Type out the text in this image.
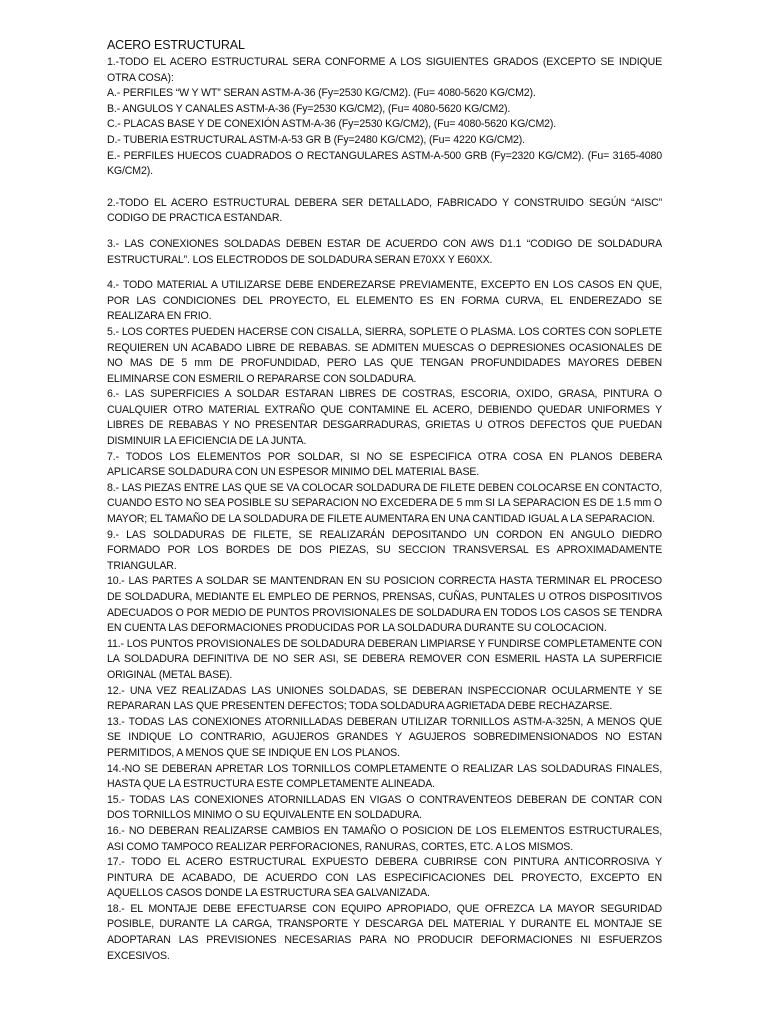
ACERO ESTRUCTURAL

1.-TODO EL ACERO ESTRUCTURAL SERA CONFORME A LOS SIGUIENTES GRADOS (EXCEPTO SE INDIQUE OTRA COSA):

A.- PERFILES “W Y WT” SERAN ASTM-A-36 (Fy=2530 KG/CM2). (Fu= 4080-5620 KG/CM2).

B.- ANGULOS Y CANALES ASTM-A-36 (Fy=2530 KG/CM2), (Fu= 4080-5620 KG/CM2).

C.- PLACAS BASE Y DE CONEXIÓN ASTM-A-36 (Fy=2530 KG/CM2), (Fu= 4080-5620 KG/CM2).

D.- TUBERIA ESTRUCTURAL ASTM-A-53 GR B (Fy=2480 KG/CM2), (Fu= 4220 KG/CM2).

E.- PERFILES HUECOS CUADRADOS O RECTANGULARES ASTM-A-500 GRB (Fy=2320 KG/CM2). (Fu= 3165-4080 KG/CM2).

2.-TODO EL ACERO ESTRUCTURAL DEBERA SER DETALLADO, FABRICADO Y CONSTRUIDO SEGÚN “AISC” CODIGO DE PRACTICA ESTANDAR.

3.- LAS CONEXIONES SOLDADAS DEBEN ESTAR DE ACUERDO CON AWS D1.1 “CODIGO DE SOLDADURA ESTRUCTURAL”. LOS ELECTRODOS DE SOLDADURA SERAN E70XX Y E60XX.

4.- TODO MATERIAL A UTILIZARSE DEBE ENDEREZARSE PREVIAMENTE, EXCEPTO EN LOS CASOS EN QUE, POR LAS CONDICIONES DEL PROYECTO, EL ELEMENTO ES EN FORMA CURVA, EL ENDEREZADO SE REALIZARA EN FRIO.

5.- LOS CORTES PUEDEN HACERSE CON CISALLA, SIERRA, SOPLETE O PLASMA. LOS CORTES CON SOPLETE REQUIEREN UN ACABADO LIBRE DE REBABAS. SE ADMITEN MUESCAS O DEPRESIONES OCASIONALES DE NO MAS DE 5 mm DE PROFUNDIDAD, PERO LAS QUE TENGAN PROFUNDIDADES MAYORES DEBEN ELIMINARSE CON ESMERIL O REPARARSE CON SOLDADURA.

6.- LAS SUPERFICIES A SOLDAR ESTARAN LIBRES DE COSTRAS, ESCORIA, OXIDO, GRASA, PINTURA O CUALQUIER OTRO MATERIAL EXTRAÑO QUE CONTAMINE EL ACERO, DEBIENDO QUEDAR UNIFORMES Y LIBRES DE REBABAS Y NO PRESENTAR DESGARRADURAS, GRIETAS U OTROS DEFECTOS QUE PUEDAN DISMINUIR LA EFICIENCIA DE LA JUNTA.

7.- TODOS LOS ELEMENTOS POR SOLDAR, SI NO SE ESPECIFICA OTRA COSA EN PLANOS DEBERA APLICARSE SOLDADURA CON UN ESPESOR MINIMO DEL MATERIAL BASE.

8.- LAS PIEZAS ENTRE LAS QUE SE VA COLOCAR SOLDADURA DE FILETE DEBEN COLOCARSE EN CONTACTO, CUANDO ESTO NO SEA POSIBLE SU SEPARACION NO EXCEDERA DE 5 mm SI LA SEPARACION ES DE 1.5 mm O MAYOR; EL TAMAÑO DE LA SOLDADURA DE FILETE AUMENTARA EN UNA CANTIDAD IGUAL A LA SEPARACION.

9.- LAS SOLDADURAS DE FILETE, SE REALIZARÁN DEPOSITANDO UN CORDON EN ANGULO DIEDRO FORMADO POR LOS BORDES DE DOS PIEZAS, SU SECCION TRANSVERSAL ES APROXIMADAMENTE TRIANGULAR.

10.- LAS PARTES A SOLDAR SE MANTENDRAN EN SU POSICION CORRECTA HASTA TERMINAR EL PROCESO DE SOLDADURA, MEDIANTE EL EMPLEO DE PERNOS, PRENSAS, CUÑAS, PUNTALES U OTROS DISPOSITIVOS ADECUADOS O POR MEDIO DE PUNTOS PROVISIONALES DE SOLDADURA EN TODOS LOS CASOS SE TENDRA EN CUENTA LAS DEFORMACIONES PRODUCIDAS POR LA SOLDADURA DURANTE SU COLOCACION.

11.- LOS PUNTOS PROVISIONALES DE SOLDADURA DEBERAN LIMPIARSE Y FUNDIRSE COMPLETAMENTE CON LA SOLDADURA DEFINITIVA DE NO SER ASI, SE DEBERA REMOVER CON ESMERIL HASTA LA SUPERFICIE ORIGINAL (METAL BASE).

12.- UNA VEZ REALIZADAS LAS UNIONES SOLDADAS, SE DEBERAN INSPECCIONAR OCULARMENTE Y SE REPARARAN LAS QUE PRESENTEN DEFECTOS; TODA SOLDADURA AGRIETADA DEBE RECHAZARSE.

13.- TODAS LAS CONEXIONES ATORNILLADAS DEBERAN UTILIZAR TORNILLOS ASTM-A-325N, A MENOS QUE SE INDIQUE LO CONTRARIO, AGUJEROS GRANDES Y AGUJEROS SOBREDIMENSIONADOS NO ESTAN PERMITIDOS, A MENOS QUE SE INDIQUE EN LOS PLANOS.

14.-NO SE DEBERAN APRETAR LOS TORNILLOS COMPLETAMENTE O REALIZAR LAS SOLDADURAS FINALES, HASTA QUE LA ESTRUCTURA ESTE COMPLETAMENTE ALINEADA.

15.- TODAS LAS CONEXIONES ATORNILLADAS EN VIGAS O CONTRAVENTEOS DEBERAN DE CONTAR CON DOS TORNILLOS MINIMO O SU EQUIVALENTE EN SOLDADURA.

16.- NO DEBERAN REALIZARSE CAMBIOS EN TAMAÑO O POSICION DE LOS ELEMENTOS ESTRUCTURALES, ASI COMO TAMPOCO REALIZAR PERFORACIONES, RANURAS, CORTES, ETC. A LOS MISMOS.

17.- TODO EL ACERO ESTRUCTURAL EXPUESTO DEBERA CUBRIRSE CON PINTURA ANTICORROSIVA Y PINTURA DE ACABADO, DE ACUERDO CON LAS ESPECIFICACIONES DEL PROYECTO, EXCEPTO EN AQUELLOS CASOS DONDE LA ESTRUCTURA SEA GALVANIZADA.

18.- EL MONTAJE DEBE EFECTUARSE CON EQUIPO APROPIADO, QUE OFREZCA LA MAYOR SEGURIDAD POSIBLE, DURANTE LA CARGA, TRANSPORTE Y DESCARGA DEL MATERIAL Y DURANTE EL MONTAJE SE ADOPTARAN LAS PREVISIONES NECESARIAS PARA NO PRODUCIR DEFORMACIONES NI ESFUERZOS EXCESIVOS.
